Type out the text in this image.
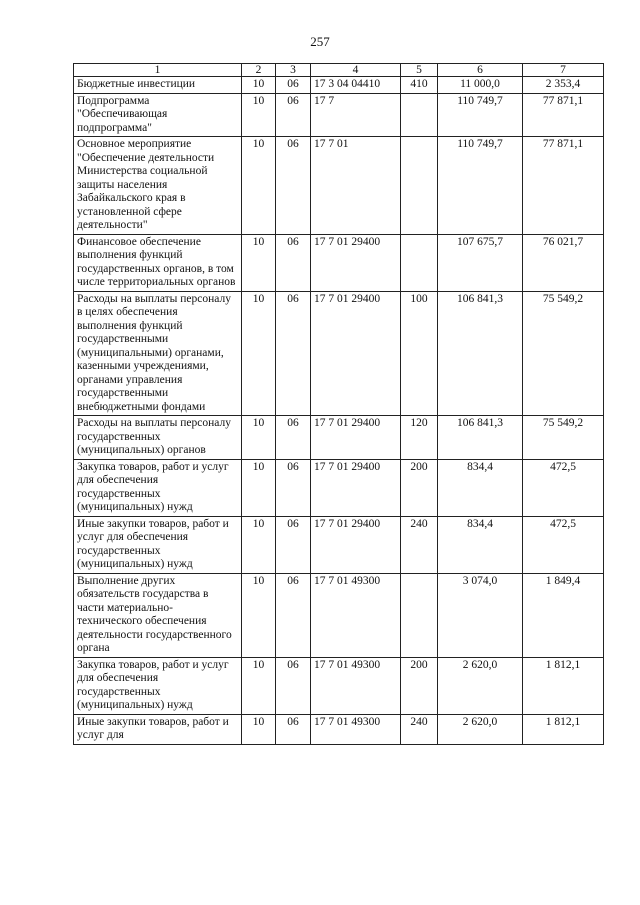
257
1	2	3	4	5	6	7
Бюджетные инвестиции	10	06	17 3 04 04410	410	11 000,0	2 353,4
Подпрограмма "Обеспечивающая подпрограмма"	10	06	17 7		110 749,7	77 871,1
Основное мероприятие "Обеспечение деятельности Министерства социальной защиты населения Забайкальского края в установленной сфере деятельности"	10	06	17 7 01		110 749,7	77 871,1
Финансовое обеспечение выполнения функций государственных органов, в том числе территориальных органов	10	06	17 7 01 29400		107 675,7	76 021,7
Расходы на выплаты персоналу в целях обеспечения выполнения функций государственными (муниципальными) органами, казенными учреждениями, органами управления государственными внебюджетными фондами	10	06	17 7 01 29400	100	106 841,3	75 549,2
Расходы на выплаты персоналу государственных (муниципальных) органов	10	06	17 7 01 29400	120	106 841,3	75 549,2
Закупка товаров, работ и услуг для обеспечения государственных (муниципальных) нужд	10	06	17 7 01 29400	200	834,4	472,5
Иные закупки товаров, работ и услуг для обеспечения государственных (муниципальных) нужд	10	06	17 7 01 29400	240	834,4	472,5
Выполнение других обязательств государства в части материально-технического обеспечения деятельности государственного органа	10	06	17 7 01 49300		3 074,0	1 849,4
Закупка товаров, работ и услуг для обеспечения государственных (муниципальных) нужд	10	06	17 7 01 49300	200	2 620,0	1 812,1
Иные закупки товаров, работ и услуг для	10	06	17 7 01 49300	240	2 620,0	1 812,1
